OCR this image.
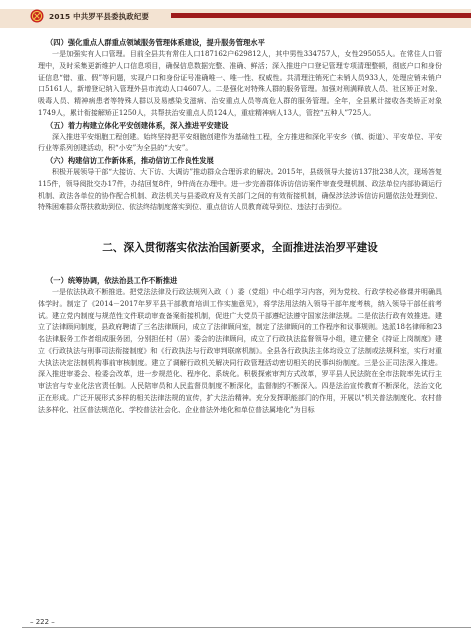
2015 中共罗平县委执政纪要
（四）强化重点人群重点领域服务管理体系建设，提升服务管理水平

一是加强实有人口管理。目前全县共有常住人口187162户629812人，其中男性334757人，女性295055人。在常住人口管理中，及时采集更新维护人口信息项目，确保信息数据完整、准确、鲜活；深入推进户口登记管理专项清理整顿，彻底户口和身份证信息“错、重、假”等问题，实现户口和身份证号准确唯一、唯一性、权威性。共清理注销死亡未销人员933人，处理应销未销户口5161人，新增登记纳入管理外县市流动人口4607人。二是强化对特殊人群的服务管理。加强对刑满释放人员、社区矫正对象、吸毒人员、精神病患者等特殊人群以及易感染戈滋病、治安重点人员等高危人群的服务管理。全年，全县累计接收各类矫正对象1749人，累计衔接解矫正1250人，共帮扶治安重点人员124人，重症精神病人13人，管控“五种人”725人。

（五）着力构建立体化平安创建体系，深入推进平安建设

深入推进平安细胞工程创建。始终坚持把平安细胞创建作为基础性工程，全方推进和深化平安乡（镇、街道）、平安单位、平安行业等系列创建活动，积“小安”为全县的“大安”。

（六）构建信访工作新体系，推动信访工作良性发展

积极开展领导干部“大接访、大下访、大调访”推动群众合理诉求的解决。2015年，县级领导大接访137批238人次，现场答复115件，领导阅批交办17件，办结回复8件，9件尚在办理中。进一步完善群体诉访信访案件审查受理机制、政法单位内部协调运行机制、政法各单位的协作配合机制、政法机关与县委政府及有关部门之间的有效衔接机制，确保涉法涉诉信访问题依法处理到位、特殊困难群众帮扶救助到位、依法终结制度落实到位、重点信访人员教育疏导到位、违法打击到位。

二、深入贯彻落实依法治国新要求，全面推进法治罗平建设
（一）统筹协调，依法治县工作不断推进

一是依法执政不断推进。把党法法律及行政法规列入政（ ）委（党组）中心组学习内容，列为党校、行政学校必修课并明确具体学时。制定了《2014－2017年罗平县干部教育培训工作实施意见》，将学法用法纳入领导干部年度考核，纳入领导干部任前考试。建立党内制度与规范性文件联动审查备案衔接机制，促进广大党员干部遵纪法遵守国家法律法规。二是依法行政有效推进。建立了法律顾问制度，县政府聘请了三名法律顾问，成立了法律顾问室，制定了法律顾问的工作程序和议事规则。选派18名律师和23名法律服务工作者组成服务团，分别担任村（居）委会的法律顾问，成立了行政执法监督领导小组，建立健全《持证上岗制度》建立《行政执法与刑事司法衔接制度》和《行政执法与行政审判联席机制》。全县各行政执法主体均设立了法制或法规科室，实行对重大执法决定法制机构事前审核制度。建立了调解行政机关解决同行政管理活动密切相关的民事纠纷制度。三是公正司法深入推进。深入推进审委会、检委会改革，进一步规范化、程序化、系统化。积极探索审判方式改革，罗平县人民法院在全市法院率先试行主审法官与专业化法官责任制。人民陪审员和人民监督员制度不断深化，监督制约不断深入。四是法治宣传教育不断深化，法治文化正在形成。广泛开展形式多样的相关法律法规的宣传，扩大法治精神。充分发挥职能部门的作用，开展以“机关普法制度化、农村普法多样化、社区普法规范化、学校普法社会化、企业普法外地化和单位普法属地化”为目标

– 222 –
